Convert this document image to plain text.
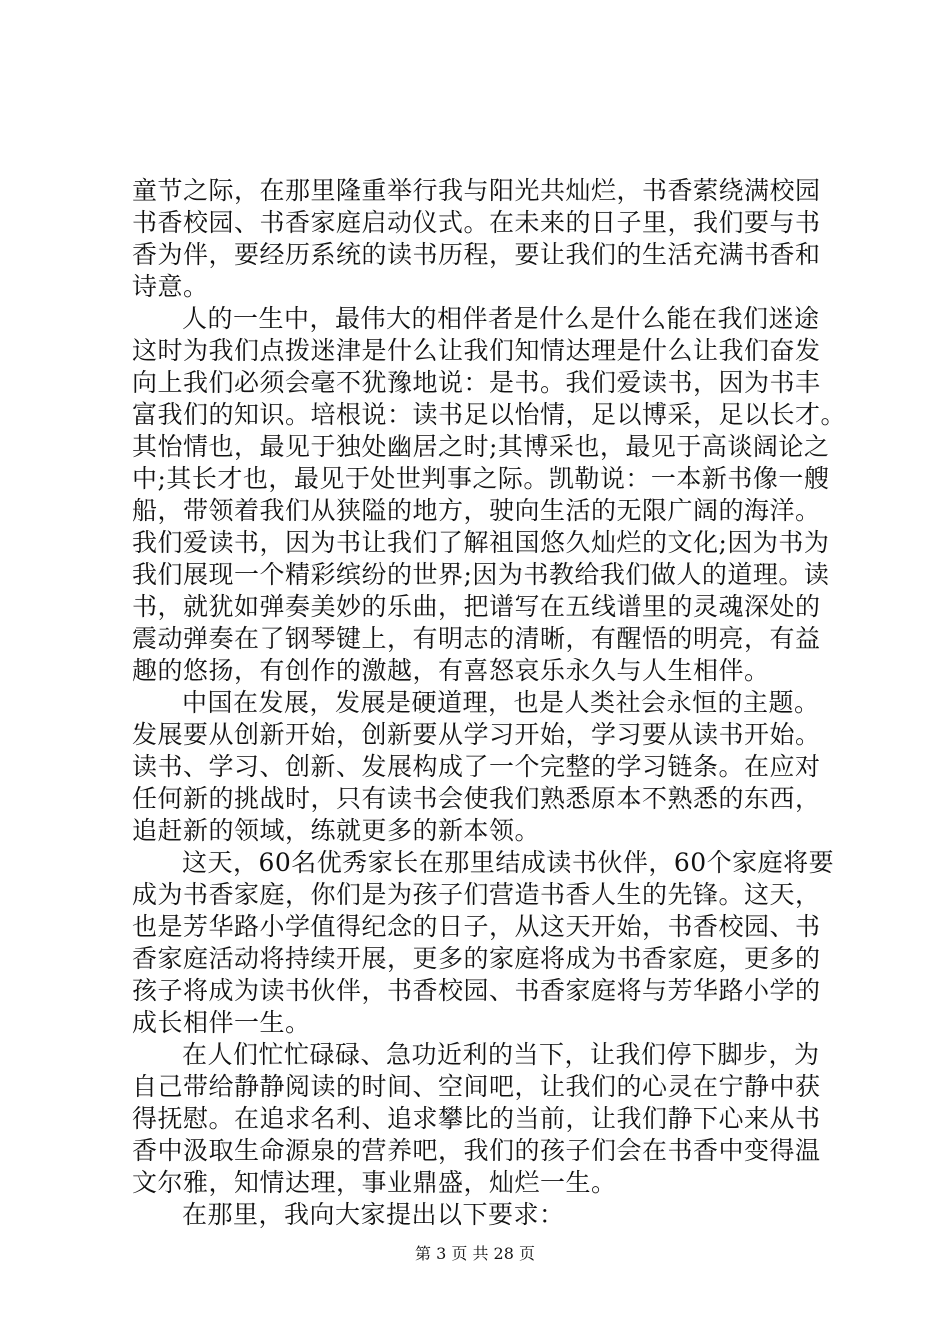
童节之际，在那里隆重举行我与阳光共灿烂，书香萦绕满校园
书香校园、书香家庭启动仪式。在未来的日子里，我们要与书
香为伴，要经历系统的读书历程，要让我们的生活充满书香和
诗意。
人的一生中，最伟大的相伴者是什么是什么能在我们迷途
这时为我们点拨迷津是什么让我们知情达理是什么让我们奋发
向上我们必须会毫不犹豫地说：是书。我们爱读书，因为书丰
富我们的知识。培根说：读书足以怡情，足以博采，足以长才。
其怡情也，最见于独处幽居之时;其博采也，最见于高谈阔论之
中;其长才也，最见于处世判事之际。凯勒说：一本新书像一艘
船，带领着我们从狭隘的地方，驶向生活的无限广阔的海洋。
我们爱读书，因为书让我们了解祖国悠久灿烂的文化;因为书为
我们展现一个精彩缤纷的世界;因为书教给我们做人的道理。读
书，就犹如弹奏美妙的乐曲，把谱写在五线谱里的灵魂深处的
震动弹奏在了钢琴键上，有明志的清晰，有醒悟的明亮，有益
趣的悠扬，有创作的激越，有喜怒哀乐永久与人生相伴。
中国在发展，发展是硬道理，也是人类社会永恒的主题。
发展要从创新开始，创新要从学习开始，学习要从读书开始。
读书、学习、创新、发展构成了一个完整的学习链条。在应对
任何新的挑战时，只有读书会使我们熟悉原本不熟悉的东西，
追赶新的领域，练就更多的新本领。
这天，60名优秀家长在那里结成读书伙伴，60个家庭将要
成为书香家庭，你们是为孩子们营造书香人生的先锋。这天，
也是芳华路小学值得纪念的日子，从这天开始，书香校园、书
香家庭活动将持续开展，更多的家庭将成为书香家庭，更多的
孩子将成为读书伙伴，书香校园、书香家庭将与芳华路小学的
成长相伴一生。
在人们忙忙碌碌、急功近利的当下，让我们停下脚步，为
自己带给静静阅读的时间、空间吧，让我们的心灵在宁静中获
得抚慰。在追求名利、追求攀比的当前，让我们静下心来从书
香中汲取生命源泉的营养吧，我们的孩子们会在书香中变得温
文尔雅，知情达理，事业鼎盛，灿烂一生。
在那里，我向大家提出以下要求：
第 3 页 共 28 页
